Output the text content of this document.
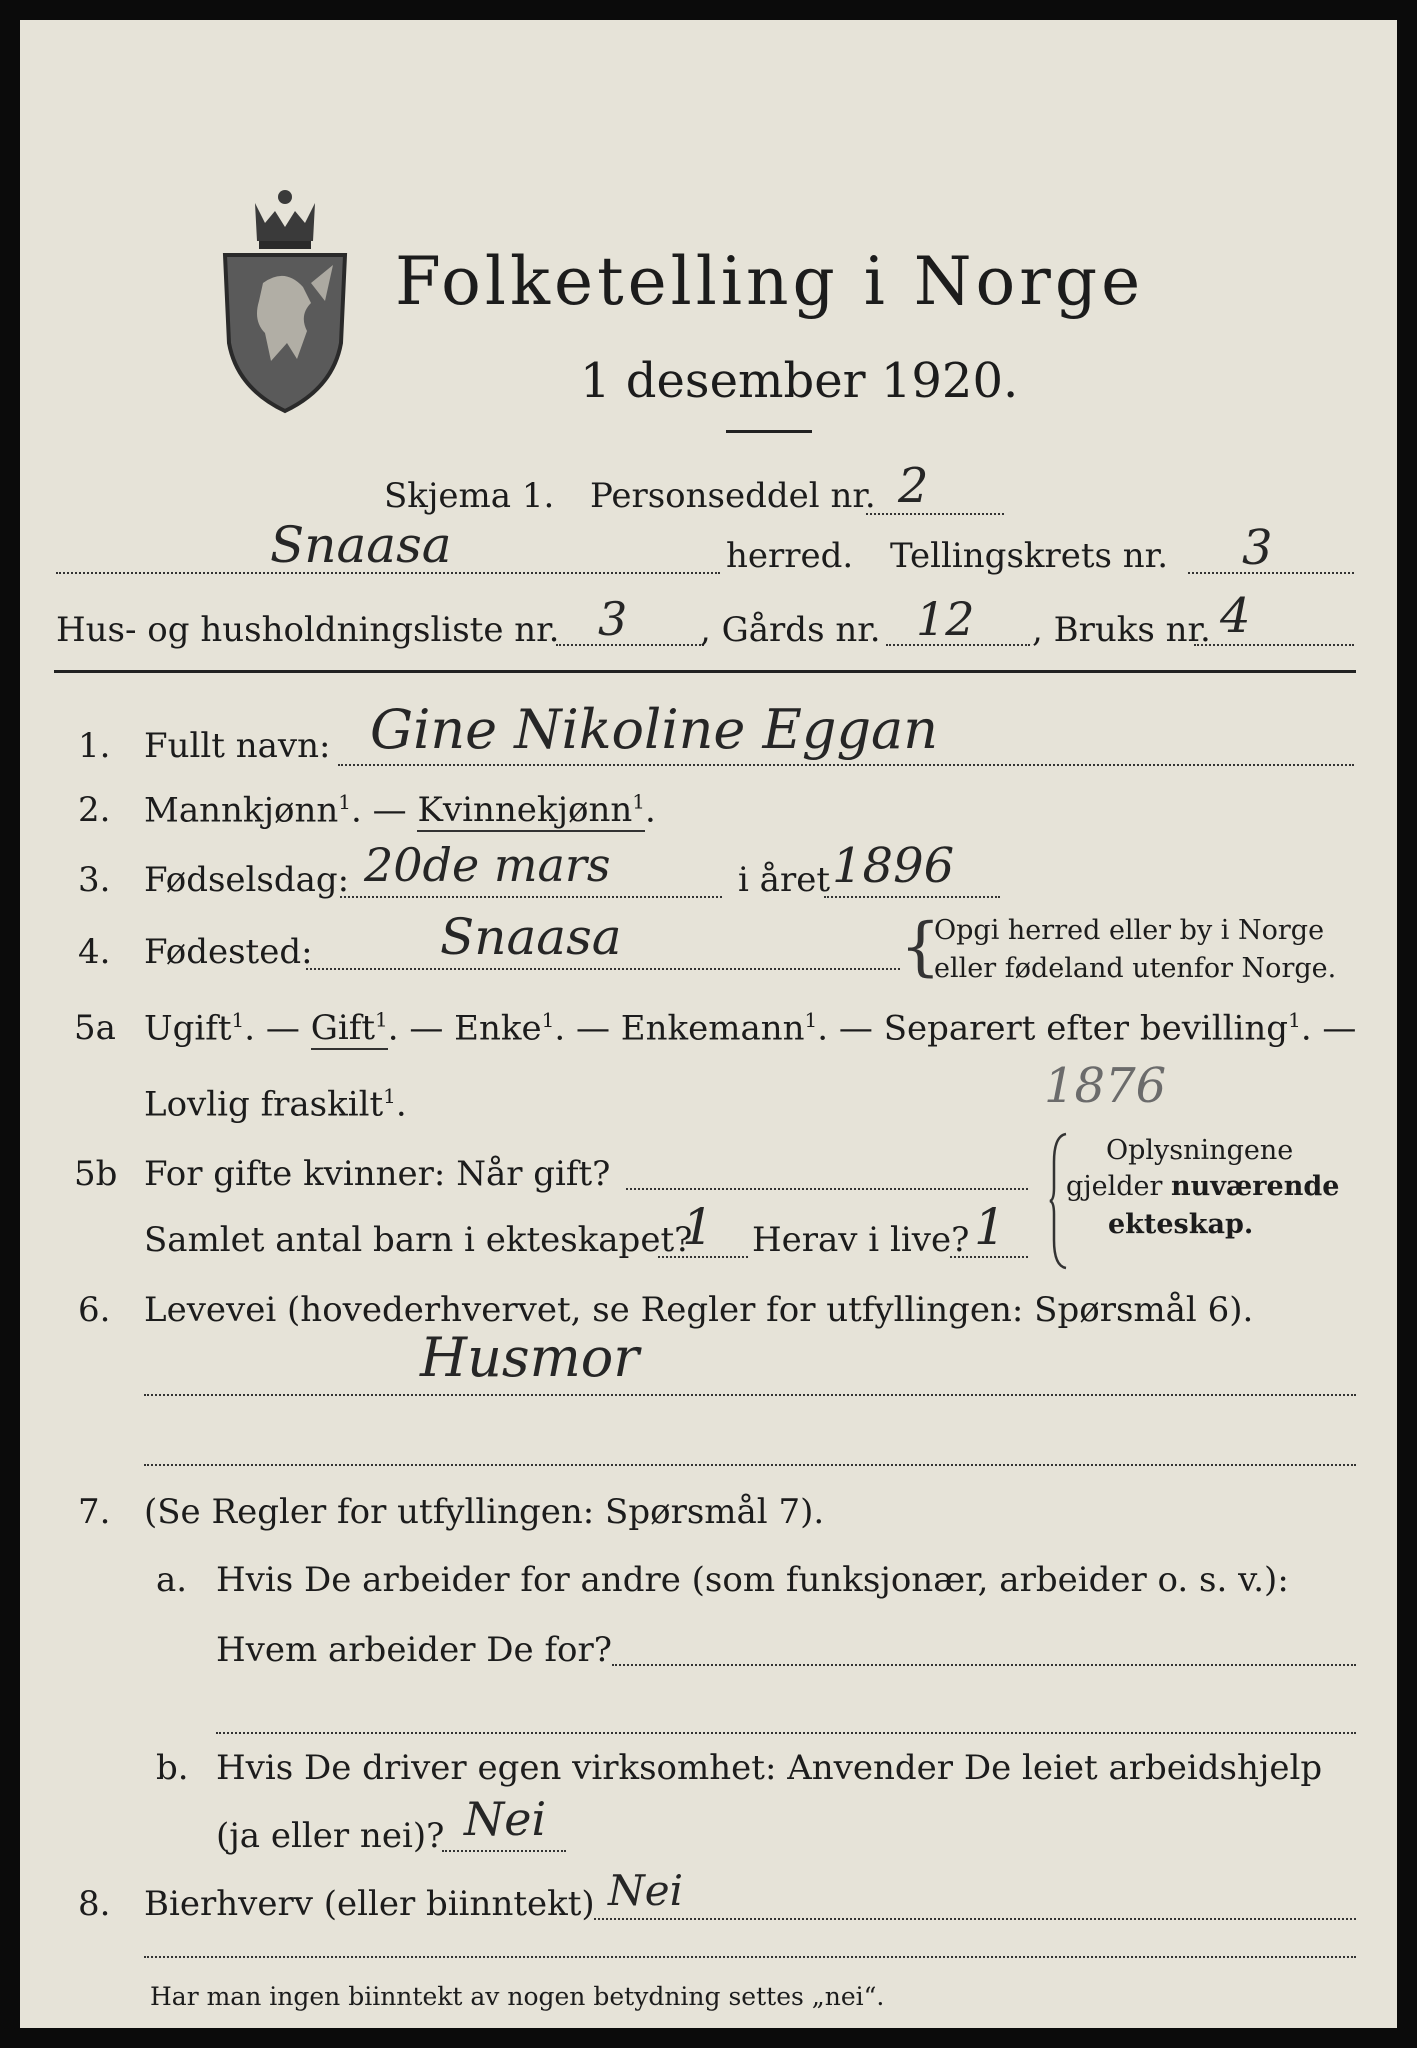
Folketelling i Norge
1 desember 1920.
Skjema 1. Personseddel nr. 2
Snaasa	herred. Tellingskrets nr. 3
Hus- og husholdningsliste nr. 3 , Gårds nr. 12 , Bruks nr. 4
1. Fullt navn: Gine Nikoline Eggan
2. Mannkjønn$^1$. — Kvinnekjønn$^1$.
3. Fødselsdag: 20de mars	i året 1896
4. Fødested:	Snaasa	{
Opgi herred eller by i Norge
eller fødeland utenfor Norge.
5a Ugift$^1$. — Gift$^1$. — Enke$^1$. — Enkemann$^1$. — Separert efter bevilling$^1$. —
Lovlig fraskilt$^1$.	1876
5b For gifte kvinner: Når gift?
Samlet antal barn i ekteskapet?
1 Herav i live? 1
Oplysningene
gjelder nuværende
ekteskap.
6. Levevei (hovederhvervet, se Regler for utfyllingen: Spørsmål 6).
Husmor
7. (Se Regler for utfyllingen: Spørsmål 7).
a. Hvis De arbeider for andre (som funksjonær, arbeider o. s. v.):
Hvem arbeider De for?
b. Hvis De driver egen virksomhet: Anvender De leiet arbeidshjelp
(ja eller nei)? Nei
8. Bierhverv (eller biinntekt) Nei
Har man ingen biinntekt av nogen betydning settes „nei“.
